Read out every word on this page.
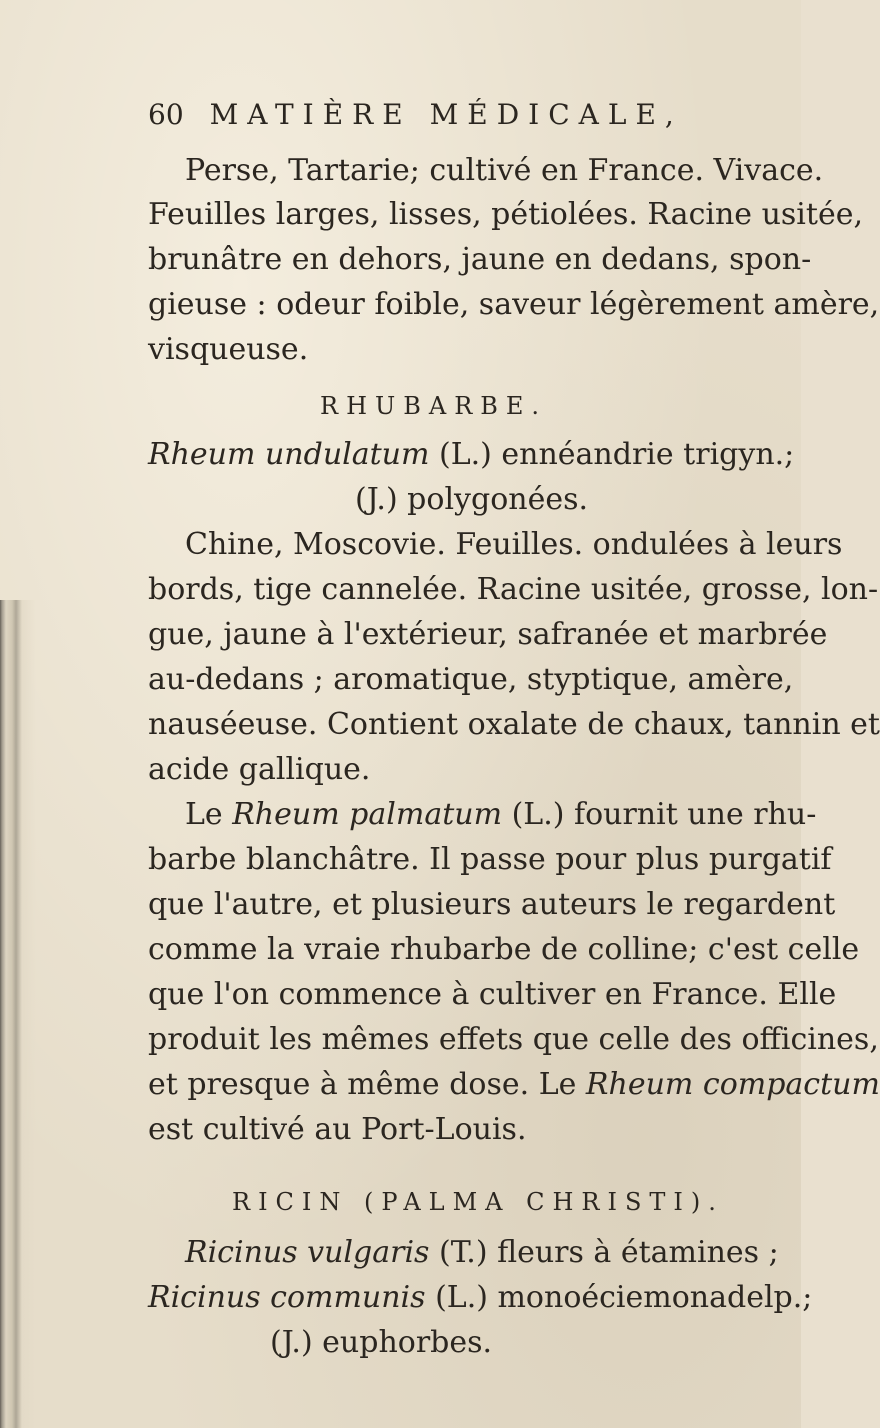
60 MATIÈRE MÉDICALE,
Perse, Tartarie; cultivé en France. Vivace.
Feuilles larges, lisses, pétiolées. Racine usitée,
brunâtre en dehors, jaune en dedans, spon-
gieuse : odeur foible, saveur légèrement amère,
visqueuse.
RHUBARBE.
Rheum undulatum (L.) ennéandrie trigyn.;
(J.) polygonées.
Chine, Moscovie. Feuilles. ondulées à leurs
bords, tige cannelée. Racine usitée, grosse, lon-
gue, jaune à l'extérieur, safranée et marbrée
au-dedans ; aromatique, styptique, amère,
nauséeuse. Contient oxalate de chaux, tannin et
acide gallique.
Le Rheum palmatum (L.) fournit une rhu-
barbe blanchâtre. Il passe pour plus purgatif
que l'autre, et plusieurs auteurs le regardent
comme la vraie rhubarbe de colline; c'est celle
que l'on commence à cultiver en France. Elle
produit les mêmes effets que celle des officines,
et presque à même dose. Le Rheum compactum
est cultivé au Port-Louis.
RICIN (PALMA CHRISTI).
Ricinus vulgaris (T.) fleurs à étamines ;
Ricinus communis (L.) monoéciemonadelp.;
(J.) euphorbes.
